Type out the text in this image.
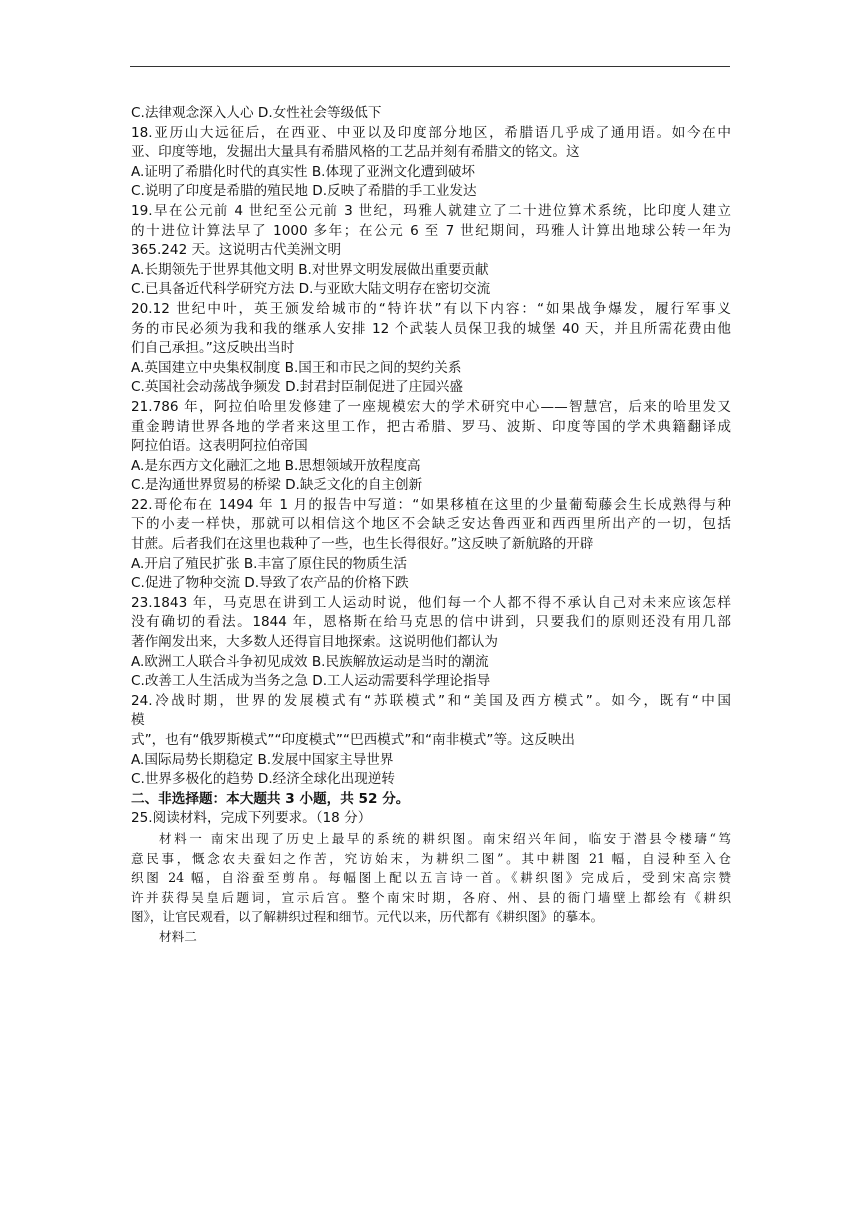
C.法律观念深入人心 D.女性社会等级低下
18.亚历山大远征后，在西亚、中亚以及印度部分地区，希腊语几乎成了通用语。如今在中
亚、印度等地，发掘出大量具有希腊风格的工艺品并刻有希腊文的铭文。这
A.证明了希腊化时代的真实性 B.体现了亚洲文化遭到破坏
C.说明了印度是希腊的殖民地 D.反映了希腊的手工业发达
19.早在公元前 4 世纪至公元前 3 世纪，玛雅人就建立了二十进位算术系统，比印度人建立
的十进位计算法早了 1000 多年；在公元 6 至 7 世纪期间，玛雅人计算出地球公转一年为
365.242 天。这说明古代美洲文明
A.长期领先于世界其他文明 B.对世界文明发展做出重要贡献
C.已具备近代科学研究方法 D.与亚欧大陆文明存在密切交流
20.12 世纪中叶，英王颁发给城市的“特许状”有以下内容：“如果战争爆发，履行军事义
务的市民必须为我和我的继承人安排 12 个武装人员保卫我的城堡 40 天，并且所需花费由他
们自己承担。”这反映出当时
A.英国建立中央集权制度 B.国王和市民之间的契约关系
C.英国社会动荡战争频发 D.封君封臣制促进了庄园兴盛
21.786 年，阿拉伯哈里发修建了一座规模宏大的学术研究中心——智慧宫，后来的哈里发又
重金聘请世界各地的学者来这里工作，把古希腊、罗马、波斯、印度等国的学术典籍翻译成
阿拉伯语。这表明阿拉伯帝国
A.是东西方文化融汇之地 B.思想领域开放程度高
C.是沟通世界贸易的桥梁 D.缺乏文化的自主创新
22.哥伦布在 1494 年 1 月的报告中写道：“如果移植在这里的少量葡萄藤会生长成熟得与种
下的小麦一样快，那就可以相信这个地区不会缺乏安达鲁西亚和西西里所出产的一切，包括
甘蔗。后者我们在这里也栽种了一些，也生长得很好。”这反映了新航路的开辟
A.开启了殖民扩张 B.丰富了原住民的物质生活
C.促进了物种交流 D.导致了农产品的价格下跌
23.1843 年，马克思在讲到工人运动时说，他们每一个人都不得不承认自己对未来应该怎样
没有确切的看法。1844 年，恩格斯在给马克思的信中讲到，只要我们的原则还没有用几部
著作阐发出来，大多数人还得盲目地探索。这说明他们都认为
A.欧洲工人联合斗争初见成效 B.民族解放运动是当时的潮流
C.改善工人生活成为当务之急 D.工人运动需要科学理论指导
24.冷战时期，世界的发展模式有“苏联模式”和“美国及西方模式”。如今，既有“中国
模
式”，也有“俄罗斯模式”“印度模式”“巴西模式”和“南非模式”等。这反映出
A.国际局势长期稳定 B.发展中国家主导世界
C.世界多极化的趋势 D.经济全球化出现逆转
二、非选择题：本大题共 3 小题，共 52 分。
25.阅读材料，完成下列要求。（18 分）
材料一 南宋出现了历史上最早的系统的耕织图。南宋绍兴年间，临安于潜县令楼璹“笃
意民事，慨念农夫蚕妇之作苦，究访始末，为耕织二图”。其中耕图 21 幅，自浸种至入仓
织图 24 幅，自浴蚕至剪帛。每幅图上配以五言诗一首。《耕织图》完成后，受到宋高宗赞
许并获得吴皇后题词，宣示后宫。整个南宋时期，各府、州、县的衙门墙壁上都绘有《耕织
图》，让官民观看，以了解耕织过程和细节。元代以来，历代都有《耕织图》的摹本。
材料二
